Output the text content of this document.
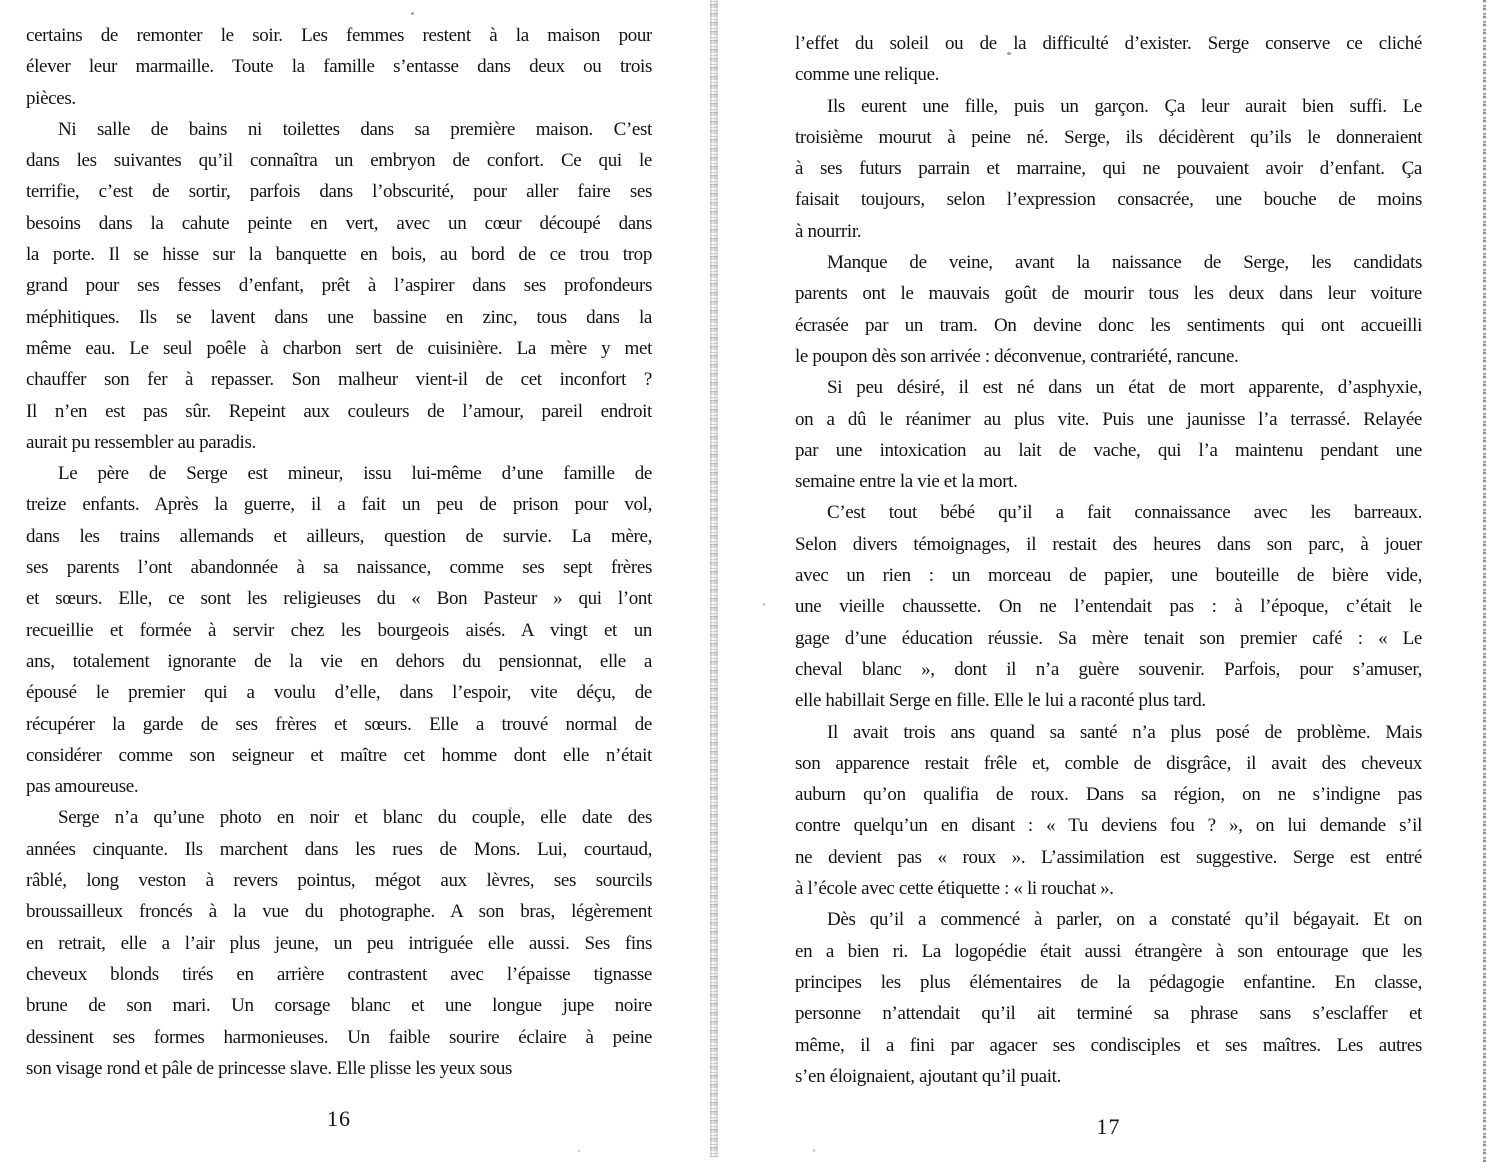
certains de remonter le soir. Les femmes restent à la maison pour
élever leur marmaille. Toute la famille s’entasse dans deux ou trois
pièces.
Ni salle de bains ni toilettes dans sa première maison. C’est
dans les suivantes qu’il connaîtra un embryon de confort. Ce qui le
terrifie, c’est de sortir, parfois dans l’obscurité, pour aller faire ses
besoins dans la cahute peinte en vert, avec un cœur découpé dans
la porte. Il se hisse sur la banquette en bois, au bord de ce trou trop
grand pour ses fesses d’enfant, prêt à l’aspirer dans ses profondeurs
méphitiques. Ils se lavent dans une bassine en zinc, tous dans la
même eau. Le seul poêle à charbon sert de cuisinière. La mère y met
chauffer son fer à repasser. Son malheur vient-il de cet inconfort ?
Il n’en est pas sûr. Repeint aux couleurs de l’amour, pareil endroit
aurait pu ressembler au paradis.
Le père de Serge est mineur, issu lui-même d’une famille de
treize enfants. Après la guerre, il a fait un peu de prison pour vol,
dans les trains allemands et ailleurs, question de survie. La mère,
ses parents l’ont abandonnée à sa naissance, comme ses sept frères
et sœurs. Elle, ce sont les religieuses du « Bon Pasteur » qui l’ont
recueillie et formée à servir chez les bourgeois aisés. A vingt et un
ans, totalement ignorante de la vie en dehors du pensionnat, elle a
épousé le premier qui a voulu d’elle, dans l’espoir, vite déçu, de
récupérer la garde de ses frères et sœurs. Elle a trouvé normal de
considérer comme son seigneur et maître cet homme dont elle n’était
pas amoureuse.
Serge n’a qu’une photo en noir et blanc du couple, elle date des
années cinquante. Ils marchent dans les rues de Mons. Lui, courtaud,
râblé, long veston à revers pointus, mégot aux lèvres, ses sourcils
broussailleux froncés à la vue du photographe. A son bras, légèrement
en retrait, elle a l’air plus jeune, un peu intriguée elle aussi. Ses fins
cheveux blonds tirés en arrière contrastent avec l’épaisse tignasse
brune de son mari. Un corsage blanc et une longue jupe noire
dessinent ses formes harmonieuses. Un faible sourire éclaire à peine
son visage rond et pâle de princesse slave. Elle plisse les yeux sous
l’effet du soleil ou de la difficulté d’exister. Serge conserve ce cliché
comme une relique.
Ils eurent une fille, puis un garçon. Ça leur aurait bien suffi. Le
troisième mourut à peine né. Serge, ils décidèrent qu’ils le donneraient
à ses futurs parrain et marraine, qui ne pouvaient avoir d’enfant. Ça
faisait toujours, selon l’expression consacrée, une bouche de moins
à nourrir.
Manque de veine, avant la naissance de Serge, les candidats
parents ont le mauvais goût de mourir tous les deux dans leur voiture
écrasée par un tram. On devine donc les sentiments qui ont accueilli
le poupon dès son arrivée : déconvenue, contrariété, rancune.
Si peu désiré, il est né dans un état de mort apparente, d’asphyxie,
on a dû le réanimer au plus vite. Puis une jaunisse l’a terrassé. Relayée
par une intoxication au lait de vache, qui l’a maintenu pendant une
semaine entre la vie et la mort.
C’est tout bébé qu’il a fait connaissance avec les barreaux.
Selon divers témoignages, il restait des heures dans son parc, à jouer
avec un rien : un morceau de papier, une bouteille de bière vide,
une vieille chaussette. On ne l’entendait pas : à l’époque, c’était le
gage d’une éducation réussie. Sa mère tenait son premier café : « Le
cheval blanc », dont il n’a guère souvenir. Parfois, pour s’amuser,
elle habillait Serge en fille. Elle le lui a raconté plus tard.
Il avait trois ans quand sa santé n’a plus posé de problème. Mais
son apparence restait frêle et, comble de disgrâce, il avait des cheveux
auburn qu’on qualifia de roux. Dans sa région, on ne s’indigne pas
contre quelqu’un en disant : « Tu deviens fou ? », on lui demande s’il
ne devient pas « roux ». L’assimilation est suggestive. Serge est entré
à l’école avec cette étiquette : « li rouchat ».
Dès qu’il a commencé à parler, on a constaté qu’il bégayait. Et on
en a bien ri. La logopédie était aussi étrangère à son entourage que les
principes les plus élémentaires de la pédagogie enfantine. En classe,
personne n’attendait qu’il ait terminé sa phrase sans s’esclaffer et
même, il a fini par agacer ses condisciples et ses maîtres. Les autres
s’en éloignaient, ajoutant qu’il puait.
16	17
